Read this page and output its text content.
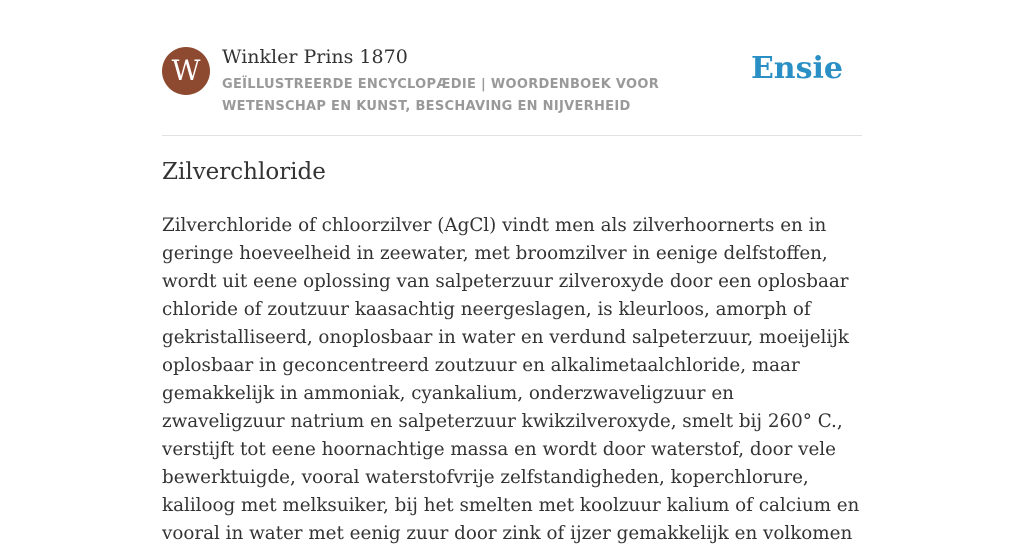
W	Winkler Prins 1870
GEÏLLUSTREERDE ENCYCLOPÆDIE | WOORDENBOEK VOOR WETENSCHAP EN KUNST, BESCHAVING EN NIJVERHEID
Ensie
Zilverchloride

Zilverchloride of chloorzilver (AgCl) vindt men als zilverhoornerts en in geringe hoeveelheid in zeewater, met broomzilver in eenige delfstoffen, wordt uit eene oplossing van salpeterzuur zilveroxyde door een oplosbaar chloride of zoutzuur kaasachtig neergeslagen, is kleurloos, amorph of gekristalliseerd, onoplosbaar in water en verdund salpeterzuur, moeijelijk oplosbaar in geconcentreerd zoutzuur en alkalimetaalchloride, maar gemakkelijk in ammoniak, cyankalium, onderzwaveligzuur en zwaveligzuur natrium en salpeterzuur kwikzilveroxyde, smelt bij 260° C., verstijft tot eene hoornachtige massa en wordt door waterstof, door vele bewerktuigde, vooral waterstofvrije zelfstandigheden, koperchlorure, kaliloog met melksuiker, bij het smelten met koolzuur kalium of calcium en vooral in water met eenig zuur door zink of ijzer gemakkelijk en volkomen
